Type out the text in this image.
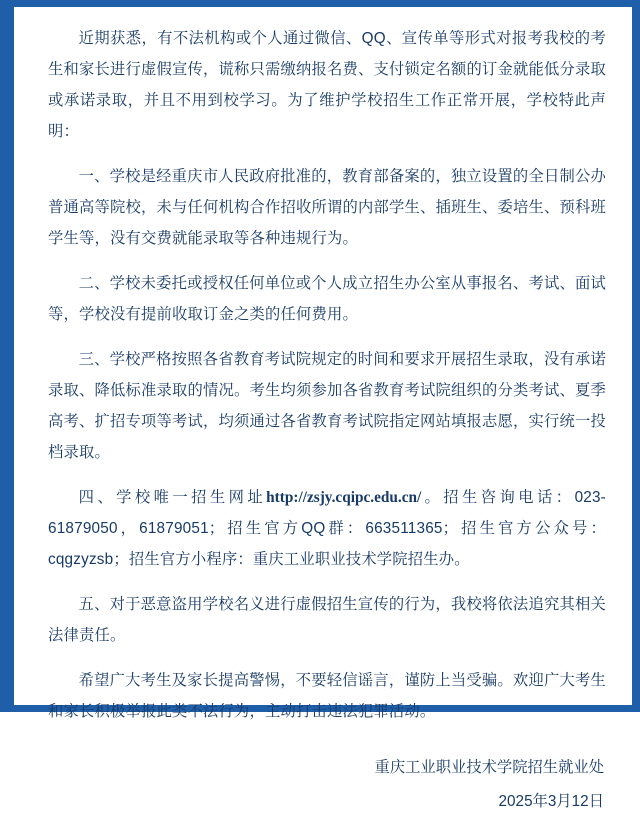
近期获悉，有不法机构或个人通过微信、QQ、宣传单等形式对报考我校的考生和家长进行虚假宣传，谎称只需缴纳报名费、支付锁定名额的订金就能低分录取或承诺录取，并且不用到校学习。为了维护学校招生工作正常开展，学校特此声明：

一、学校是经重庆市人民政府批准的，教育部备案的，独立设置的全日制公办普通高等院校，未与任何机构合作招收所谓的内部学生、插班生、委培生、预科班学生等，没有交费就能录取等各种违规行为。

二、学校未委托或授权任何单位或个人成立招生办公室从事报名、考试、面试等，学校没有提前收取订金之类的任何费用。

三、学校严格按照各省教育考试院规定的时间和要求开展招生录取，没有承诺录取、降低标准录取的情况。考生均须参加各省教育考试院组织的分类考试、夏季高考、扩招专项等考试，均须通过各省教育考试院指定网站填报志愿，实行统一投档录取。

四、学校唯一招生网址http://zsjy.cqipc.edu.cn/。招生咨询电话：023-61879050，61879051；招生官方QQ群：663511365；招生官方公众号：cqgzyzsb；招生官方小程序：重庆工业职业技术学院招生办。

五、对于恶意盗用学校名义进行虚假招生宣传的行为，我校将依法追究其相关法律责任。

希望广大考生及家长提高警惕，不要轻信谣言，谨防上当受骗。欢迎广大考生和家长积极举报此类不法行为，主动打击违法犯罪活动。

重庆工业职业技术学院招生就业处

2025年3月12日
